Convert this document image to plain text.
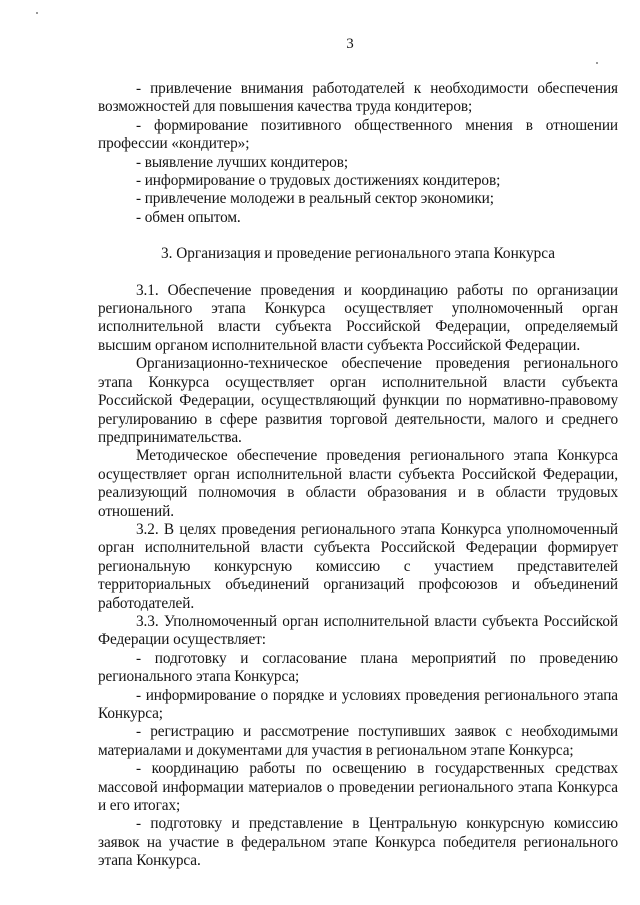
3

- привлечение внимания работодателей к необходимости обеспечения возможностей для повышения качества труда кондитеров;

- формирование позитивного общественного мнения в отношении профессии «кондитер»;

- выявление лучших кондитеров;

- информирование о трудовых достижениях кондитеров;

- привлечение молодежи в реальный сектор экономики;

- обмен опытом.

3. Организация и проведение регионального этапа Конкурса

3.1. Обеспечение проведения и координацию работы по организации регионального этапа Конкурса осуществляет уполномоченный орган исполнительной власти субъекта Российской Федерации, определяемый высшим органом исполнительной власти субъекта Российской Федерации.

Организационно-техническое обеспечение проведения регионального этапа Конкурса осуществляет орган исполнительной власти субъекта Российской Федерации, осуществляющий функции по нормативно-правовому регулированию в сфере развития торговой деятельности, малого и среднего предпринимательства.

Методическое обеспечение проведения регионального этапа Конкурса осуществляет орган исполнительной власти субъекта Российской Федерации, реализующий полномочия в области образования и в области трудовых отношений.

3.2. В целях проведения регионального этапа Конкурса уполномоченный орган исполнительной власти субъекта Российской Федерации формирует региональную конкурсную комиссию с участием представителей территориальных объединений организаций профсоюзов и объединений работодателей.

3.3. Уполномоченный орган исполнительной власти субъекта Российской Федерации осуществляет:

- подготовку и согласование плана мероприятий по проведению регионального этапа Конкурса;

- информирование о порядке и условиях проведения регионального этапа Конкурса;

- регистрацию и рассмотрение поступивших заявок с необходимыми материалами и документами для участия в региональном этапе Конкурса;

- координацию работы по освещению в государственных средствах массовой информации материалов о проведении регионального этапа Конкурса и его итогах;

- подготовку и представление в Центральную конкурсную комиссию заявок на участие в федеральном этапе Конкурса победителя регионального этапа Конкурса.
